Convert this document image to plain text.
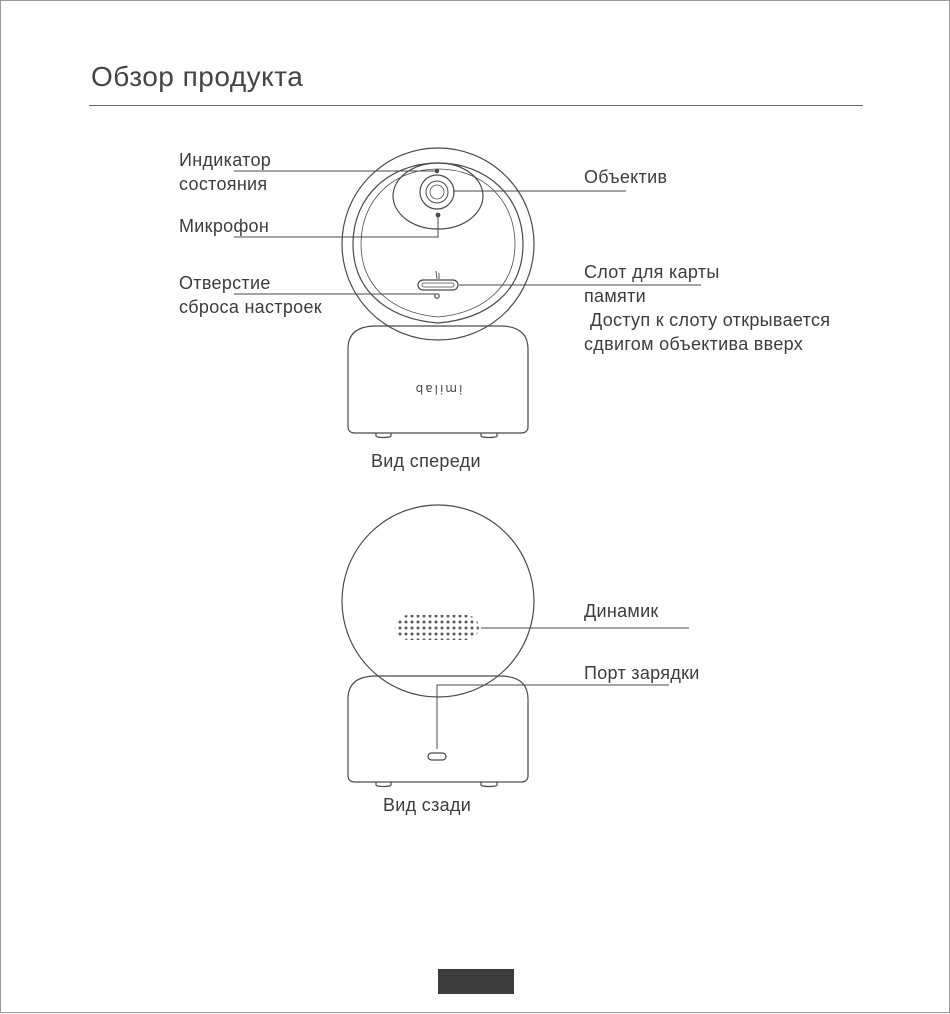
Обзор продукта
imilab
Индикатор
состояния
Микрофон
Отверстие
сброса настроек
Объектив
Слот для карты
памяти
Доступ к слоту открывается
сдвигом объектива вверх
Вид спереди
Динамик
Порт зарядки
Вид сзади
